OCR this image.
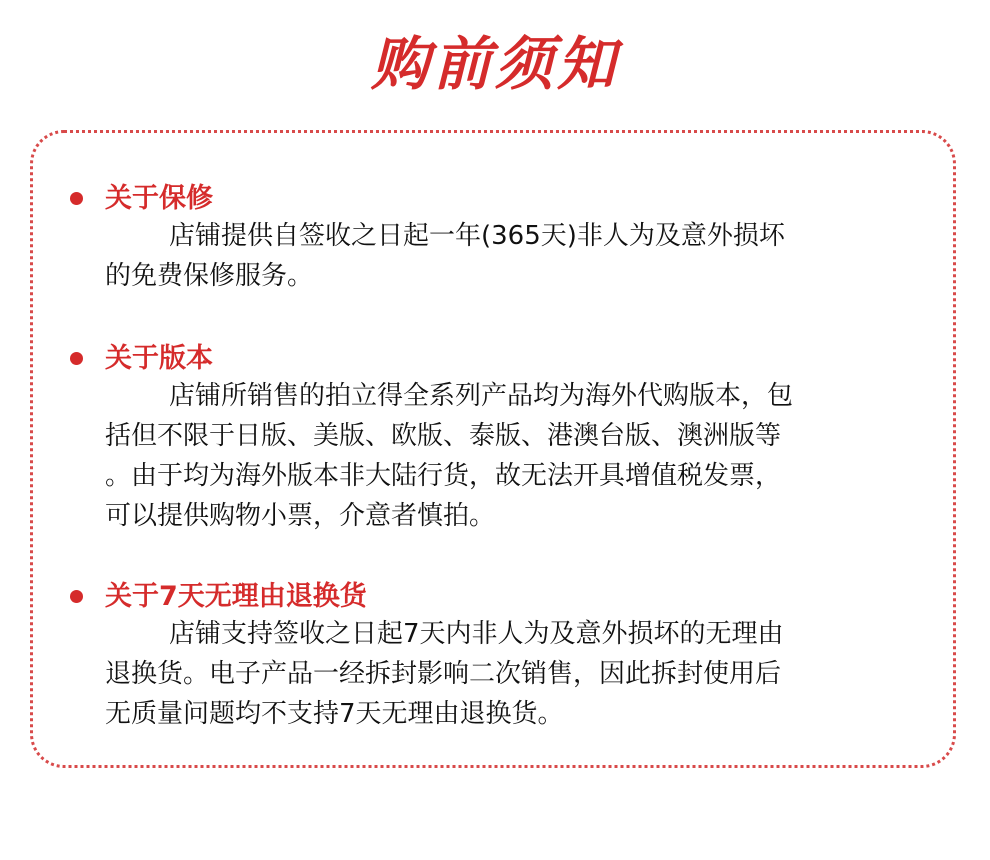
购前须知
关于保修

店铺提供自签收之日起一年(365天)非人为及意外损坏
的免费保修服务。

关于版本

店铺所销售的拍立得全系列产品均为海外代购版本，包
括但不限于日版、美版、欧版、泰版、港澳台版、澳洲版等
。由于均为海外版本非大陆行货，故无法开具增值税发票，
可以提供购物小票，介意者慎拍。

关于7天无理由退换货

店铺支持签收之日起7天内非人为及意外损坏的无理由
退换货。电子产品一经拆封影响二次销售，因此拆封使用后
无质量问题均不支持7天无理由退换货。
